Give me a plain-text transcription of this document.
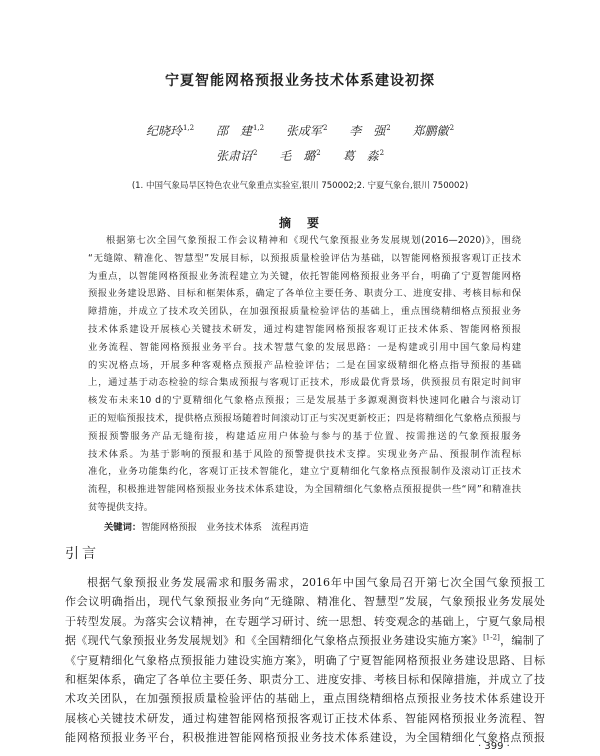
宁夏智能网格预报业务技术体系建设初探
纪晓玲$^{1,2}$ 邵　建$^{1,2}$ 张成军$^2$ 李　强$^2$ 郑鹏徽$^2$
张肃诏$^2$ 毛　璐$^2$ 葛　淼$^2$
(1. 中国气象局旱区特色农业气象重点实验室,银川 750002;2. 宁夏气象台,银川 750002)
摘　要
根据第七次全国气象预报工作会议精神和《现代气象预报业务发展规划(2016—2020)》，围绕
“无缝隙、精准化、智慧型”发展目标，以预报质量检验评估为基础，以智能网格预报客观订正技术
为重点，以智能网格预报业务流程建立为关键，依托智能网格预报业务平台，明确了宁夏智能网格
预报业务建设思路、目标和框架体系，确定了各单位主要任务、职责分工、进度安排、考核目标和保
障措施，并成立了技术攻关团队，在加强预报质量检验评估的基础上，重点围绕精细格点预报业务
技术体系建设开展核心关键技术研发，通过构建智能网格预报客观订正技术体系、智能网格预报
业务流程、智能网格预报业务平台。技术智慧气象的发展思路：一是构建或引用中国气象局构建
的实况格点场，开展多种客观格点预报产品检验评估；二是在国家级精细化格点指导预报的基础
上，通过基于动态检验的综合集成预报与客观订正技术，形成最优背景场，供预报员有限定时间审
核发布未来10 d的宁夏精细化气象格点预报；三是发展基于多源观测资料快速同化融合与滚动订
正的短临预报技术，提供格点预报场随着时间滚动订正与实况更新校正；四是将精细化气象格点预报与
预报预警服务产品无缝衔接，构建适应用户体验与参与的基于位置、按需推送的气象预报服务
技术体系。为基于影响的预报和基于风险的预警提供技术支撑。实现业务产品、预报制作流程标
准化，业务功能集约化，客观订正技术智能化，建立宁夏精细化气象格点预报制作及滚动订正技术
流程，积极推进智能网格预报业务技术体系建设，为全国精细化气象格点预报提供一些“网”和精准扶
贫等提供支持。
关键词：智能网格预报　业务技术体系　流程再造
引言
根据气象预报业务发展需求和服务需求，2016年中国气象局召开第七次全国气象预报工
作会议明确指出，现代气象预报业务向“无缝隙、精准化、智慧型”发展，气象预报业务发展处
于转型发展。为落实会议精神，在专题学习研讨、统一思想、转变观念的基础上，宁夏气象局根
据《现代气象预报业务发展规划》和《全国精细化气象格点预报业务建设实施方案》[1-2]，编制了
《宁夏精细化气象格点预报能力建设实施方案》，明确了宁夏智能网格预报业务建设思路、目标
和框架体系，确定了各单位主要任务、职责分工、进度安排、考核目标和保障措施，并成立了技
术攻关团队，在加强预报质量检验评估的基础上，重点围绕精细格点预报业务技术体系建设开
展核心关键技术研发，通过构建智能网格预报客观订正技术体系、智能网格预报业务流程、智
能网格预报业务平台，积极推进智能网格预报业务技术体系建设，为全国精细化气象格点预报
· 399 ·
